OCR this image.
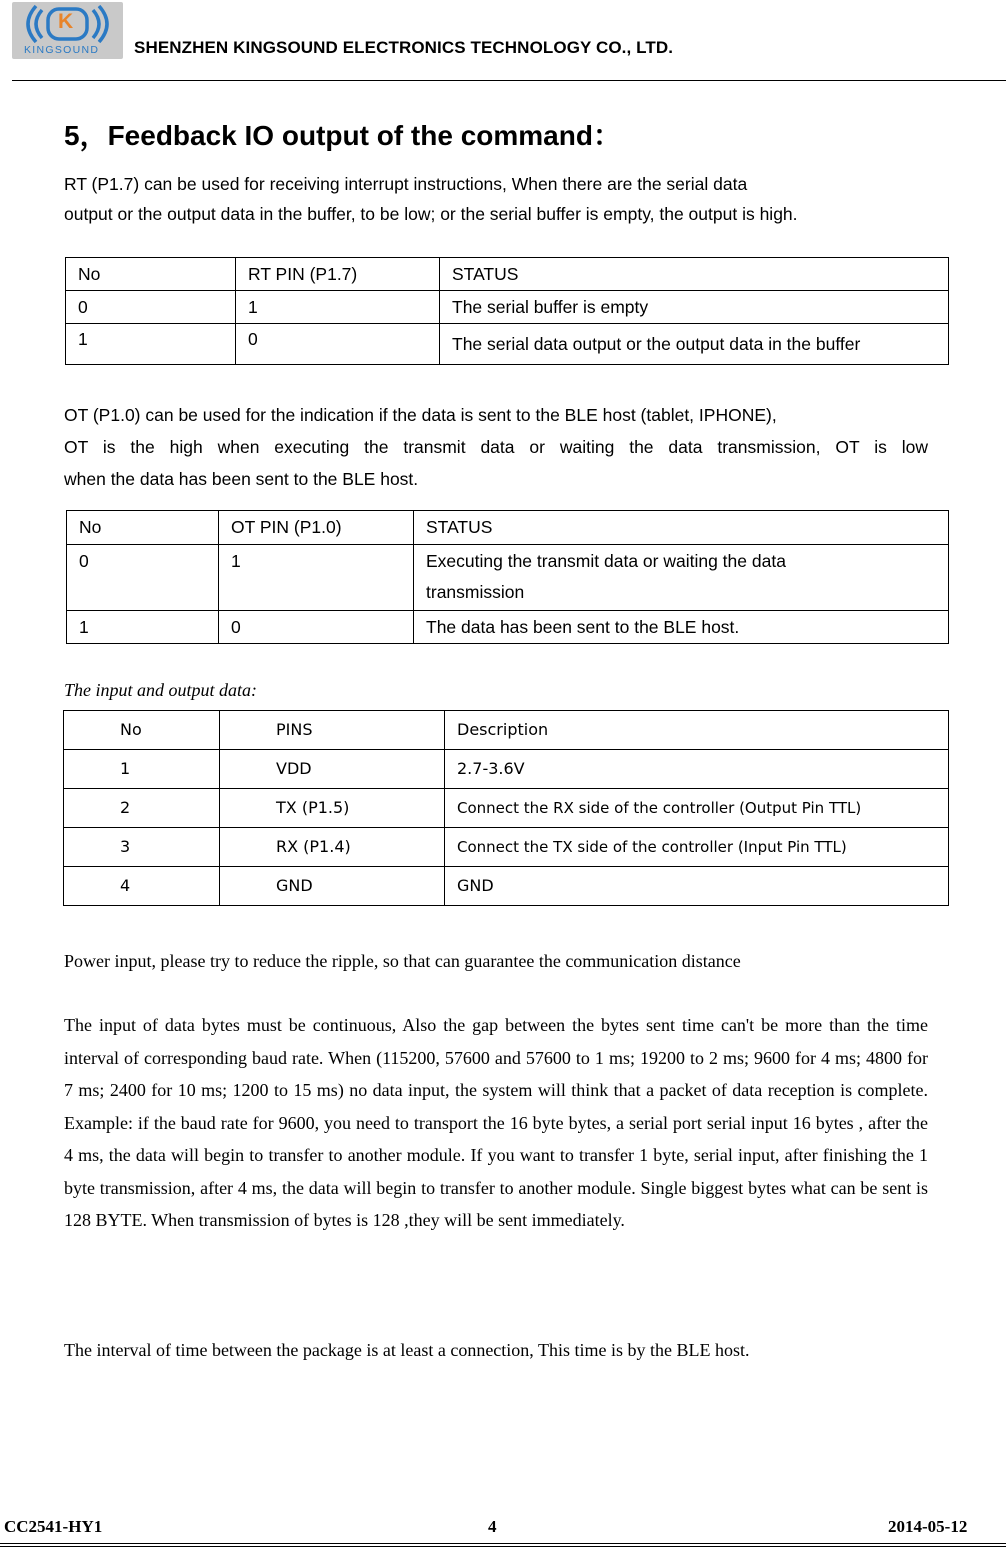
K
KINGSOUND SHENZHEN KINGSOUND ELECTRONICS TECHNOLOGY CO., LTD.
5，Feedback IO output of the command：
RT (P1.7) can be used for receiving interrupt instructions, When there are the serial data
output or the output data in the buffer, to be low; or the serial buffer is empty, the output is high.
No	RT PIN (P1.7)	STATUS
0	1	The serial buffer is empty
1	0	The serial data output or the output data in the buffer
OT (P1.0) can be used for the indication if the data is sent to the BLE host (tablet, IPHONE),
OT is the high when executing the transmit data or waiting the data transmission, OT is low
when the data has been sent to the BLE host.
No	OT PIN (P1.0)	STATUS
0	1	Executing the transmit data or waiting the data transmission
1	0	The data has been sent to the BLE host.
The input and output data:
No	PINS	Description
1	VDD	2.7-3.6V
2	TX (P1.5)	Connect the RX side of the controller (Output Pin TTL)
3	RX (P1.4)	Connect the TX side of the controller (Input Pin TTL)
4	GND	GND
Power input, please try to reduce the ripple, so that can guarantee the communication distance
The input of data bytes must be continuous, Also the gap between the bytes sent time can't be more than the time interval of corresponding baud rate. When (115200, 57600 and 57600 to 1 ms; 19200 to 2 ms; 9600 for 4 ms; 4800 for 7 ms; 2400 for 10 ms; 1200 to 15 ms) no data input, the system will think that a packet of data reception is complete. Example: if the baud rate for 9600, you need to transport the 16 byte bytes, a serial port serial input 16 bytes , after the 4 ms, the data will begin to transfer to another module. If you want to transfer 1 byte, serial input, after finishing the 1 byte transmission, after 4 ms, the data will begin to transfer to another module. Single biggest bytes what can be sent is 128 BYTE. When transmission of bytes is 128 ,they will be sent immediately.
The interval of time between the package is at least a connection, This time is by the BLE host.
CC2541-HY1	4	2014-05-12
